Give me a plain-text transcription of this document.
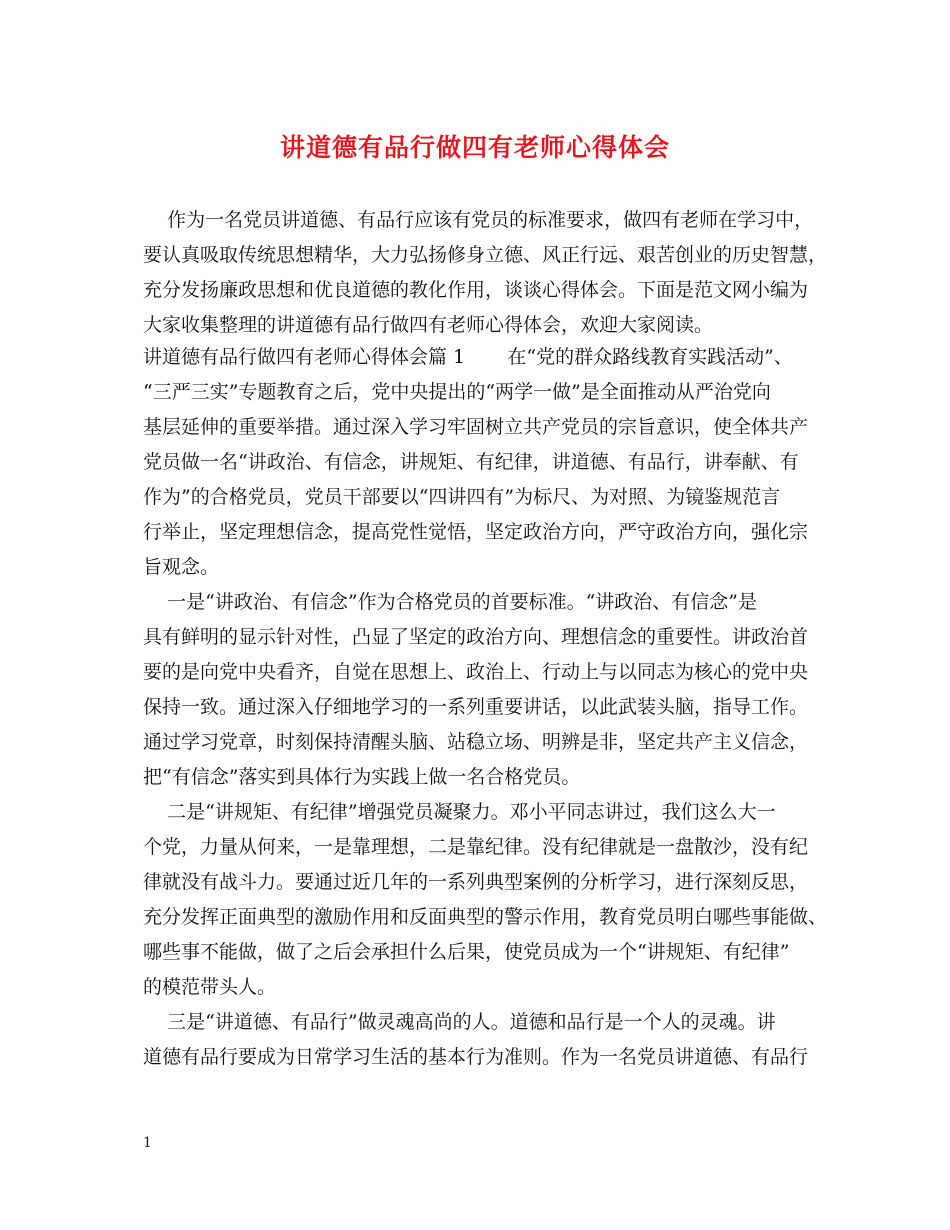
讲道德有品行做四有老师心得体会
作为一名党员讲道德、有品行应该有党员的标准要求，做四有老师在学习中，
要认真吸取传统思想精华，大力弘扬修身立德、风正行远、艰苦创业的历史智慧，
充分发扬廉政思想和优良道德的教化作用，谈谈心得体会。下面是范文网小编为
大家收集整理的讲道德有品行做四有老师心得体会，欢迎大家阅读。
讲道德有品行做四有老师心得体会篇 1       在“党的群众路线教育实践活动”、
“三严三实”专题教育之后，党中央提出的“两学一做”是全面推动从严治党向
基层延伸的重要举措。通过深入学习牢固树立共产党员的宗旨意识，使全体共产
党员做一名“讲政治、有信念，讲规矩、有纪律，讲道德、有品行，讲奉献、有
作为”的合格党员，党员干部要以“四讲四有”为标尺、为对照、为镜鉴规范言
行举止，坚定理想信念，提高党性觉悟，坚定政治方向，严守政治方向，强化宗
旨观念。
一是“讲政治、有信念”作为合格党员的首要标准。“讲政治、有信念”是
具有鲜明的显示针对性，凸显了坚定的政治方向、理想信念的重要性。讲政治首
要的是向党中央看齐，自觉在思想上、政治上、行动上与以同志为核心的党中央
保持一致。通过深入仔细地学习的一系列重要讲话，以此武装头脑，指导工作。
通过学习党章，时刻保持清醒头脑、站稳立场、明辨是非，坚定共产主义信念，
把“有信念”落实到具体行为实践上做一名合格党员。
二是“讲规矩、有纪律”增强党员凝聚力。邓小平同志讲过，我们这么大一
个党，力量从何来，一是靠理想，二是靠纪律。没有纪律就是一盘散沙，没有纪
律就没有战斗力。要通过近几年的一系列典型案例的分析学习，进行深刻反思，
充分发挥正面典型的激励作用和反面典型的警示作用，教育党员明白哪些事能做、
哪些事不能做，做了之后会承担什么后果，使党员成为一个“讲规矩、有纪律”
的模范带头人。
三是“讲道德、有品行”做灵魂高尚的人。道德和品行是一个人的灵魂。讲
道德有品行要成为日常学习生活的基本行为准则。作为一名党员讲道德、有品行
1
